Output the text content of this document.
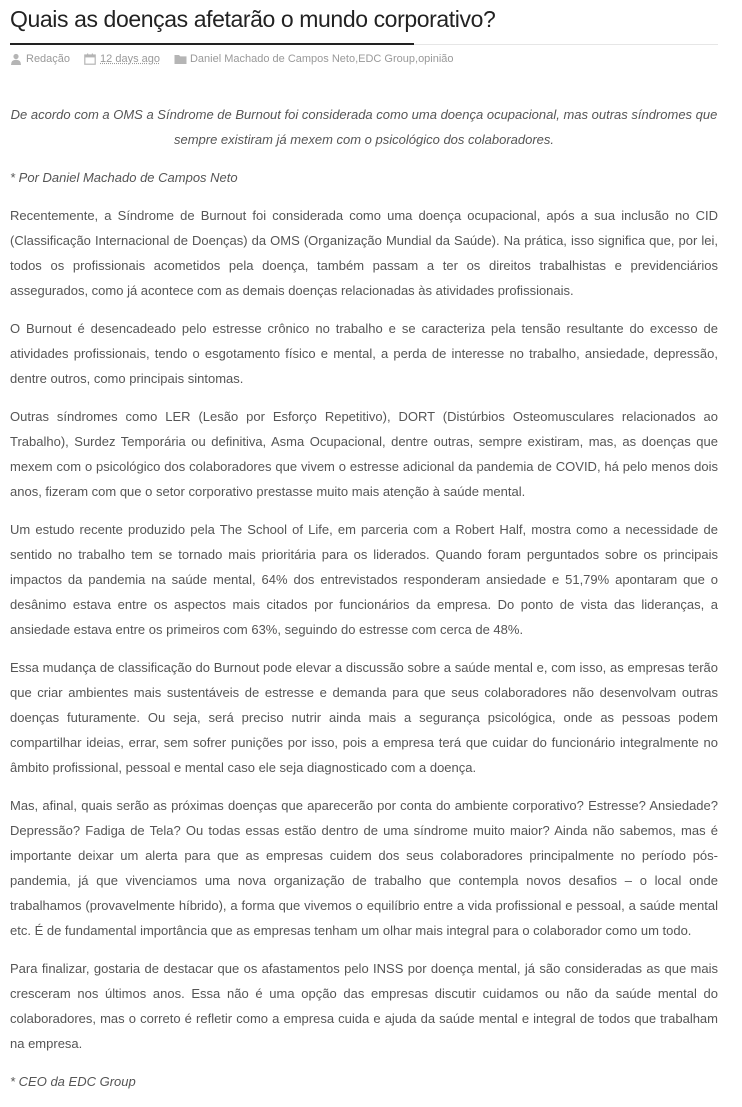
Quais as doenças afetarão o mundo corporativo?
Redação	12 days ago	Daniel Machado de Campos Neto , EDC Group , opinião

De acordo com a OMS a Síndrome de Burnout foi considerada como uma doença ocupacional, mas outras síndromes que sempre existiram já mexem com o psicológico dos colaboradores.

* Por Daniel Machado de Campos Neto

Recentemente, a Síndrome de Burnout foi considerada como uma doença ocupacional, após a sua inclusão no CID (Classificação Internacional de Doenças) da OMS (Organização Mundial da Saúde). Na prática, isso significa que, por lei, todos os profissionais acometidos pela doença, também passam a ter os direitos trabalhistas e previdenciários assegurados, como já acontece com as demais doenças relacionadas às atividades profissionais.

O Burnout é desencadeado pelo estresse crônico no trabalho e se caracteriza pela tensão resultante do excesso de atividades profissionais, tendo o esgotamento físico e mental, a perda de interesse no trabalho, ansiedade, depressão, dentre outros, como principais sintomas.

Outras síndromes como LER (Lesão por Esforço Repetitivo), DORT (Distúrbios Osteomusculares relacionados ao Trabalho), Surdez Temporária ou definitiva, Asma Ocupacional, dentre outras, sempre existiram, mas, as doenças que mexem com o psicológico dos colaboradores que vivem o estresse adicional da pandemia de COVID, há pelo menos dois anos, fizeram com que o setor corporativo prestasse muito mais atenção à saúde mental.

Um estudo recente produzido pela The School of Life, em parceria com a Robert Half, mostra como a necessidade de sentido no trabalho tem se tornado mais prioritária para os liderados. Quando foram perguntados sobre os principais impactos da pandemia na saúde mental, 64% dos entrevistados responderam ansiedade e 51,79% apontaram que o desânimo estava entre os aspectos mais citados por funcionários da empresa. Do ponto de vista das lideranças, a ansiedade estava entre os primeiros com 63%, seguindo do estresse com cerca de 48%.

Essa mudança de classificação do Burnout pode elevar a discussão sobre a saúde mental e, com isso, as empresas terão que criar ambientes mais sustentáveis de estresse e demanda para que seus colaboradores não desenvolvam outras doenças futuramente. Ou seja, será preciso nutrir ainda mais a segurança psicológica, onde as pessoas podem compartilhar ideias, errar, sem sofrer punições por isso, pois a empresa terá que cuidar do funcionário integralmente no âmbito profissional, pessoal e mental caso ele seja diagnosticado com a doença.

Mas, afinal, quais serão as próximas doenças que aparecerão por conta do ambiente corporativo? Estresse? Ansiedade? Depressão? Fadiga de Tela? Ou todas essas estão dentro de uma síndrome muito maior? Ainda não sabemos, mas é importante deixar um alerta para que as empresas cuidem dos seus colaboradores principalmente no período pós-pandemia, já que vivenciamos uma nova organização de trabalho que contempla novos desafios – o local onde trabalhamos (provavelmente híbrido), a forma que vivemos o equilíbrio entre a vida profissional e pessoal, a saúde mental etc. É de fundamental importância que as empresas tenham um olhar mais integral para o colaborador como um todo.

Para finalizar, gostaria de destacar que os afastamentos pelo INSS por doença mental, já são consideradas as que mais cresceram nos últimos anos. Essa não é uma opção das empresas discutir cuidamos ou não da saúde mental do colaboradores, mas o correto é refletir como a empresa cuida e ajuda da saúde mental e integral de todos que trabalham na empresa.

* CEO da EDC Group
